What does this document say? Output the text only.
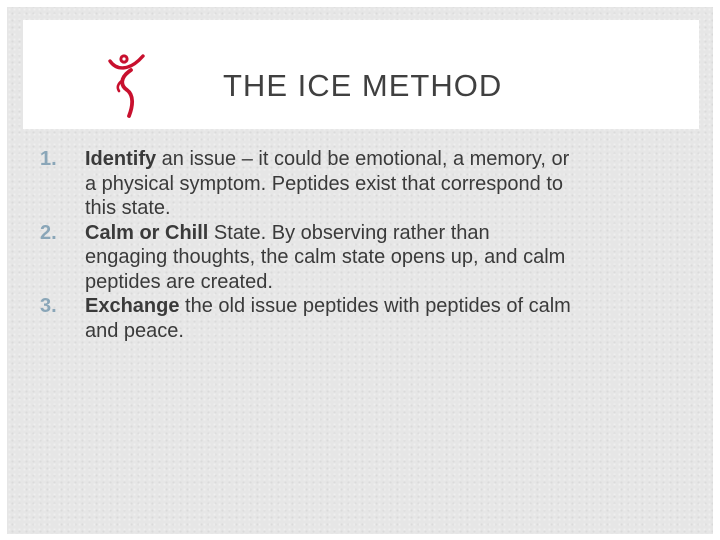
THE ICE METHOD

1. Identify an issue – it could be emotional, a memory, or
a physical symptom. Peptides exist that correspond to
this state.

2. Calm or Chill State. By observing rather than
engaging thoughts, the calm state opens up, and calm
peptides are created.

3. Exchange the old issue peptides with peptides of calm
and peace.
